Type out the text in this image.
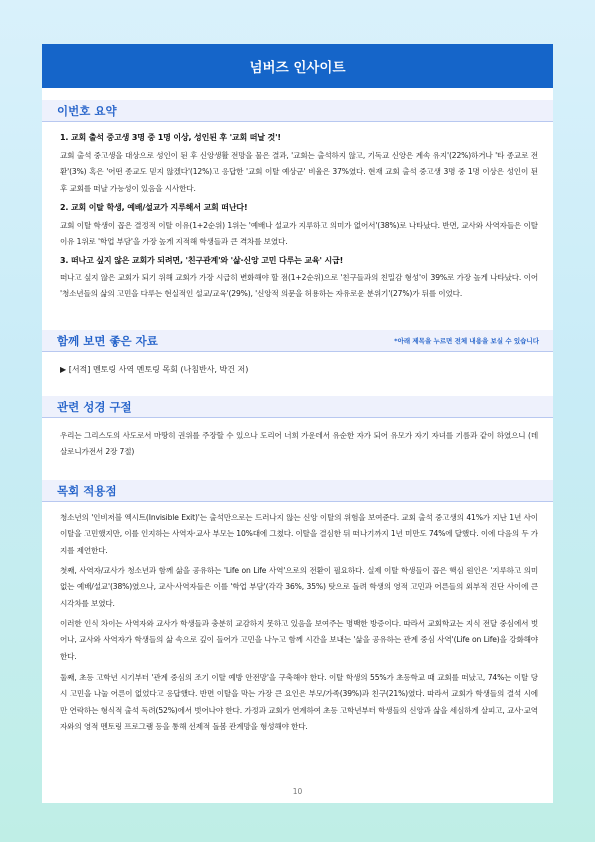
넘버즈 인사이트
이번호 요약
1. 교회 출석 중고생 3명 중 1명 이상, 성인된 후 '교회 떠날 것'!
교회 출석 중고생을 대상으로 성인이 된 후 신앙생활 전망을 물은 결과, '교회는 출석하지 않고, 기독교 신앙은 계속 유지'(22%)하거나 '타 종교로 전환'(3%) 혹은 '어떤 종교도 믿지 않겠다'(12%)고 응답한 '교회 이탈 예상군' 비율은 37%였다. 현재 교회 출석 중고생 3명 중 1명 이상은 성인이 된 후 교회를 떠날 가능성이 있음을 시사한다.
2. 교회 이탈 학생, 예배/설교가 지루해서 교회 떠난다!
교회 이탈 학생이 꼽은 결정적 이탈 이유(1+2순위) 1위는 '예배나 설교가 지루하고 의미가 없어서'(38%)로 나타났다. 반면, 교사와 사역자들은 이탈 이유 1위로 '학업 부담'을 가장 높게 지적해 학생들과 큰 격차를 보였다.
3. 떠나고 싶지 않은 교회가 되려면, '친구관계'와 '삶·신앙 고민 다루는 교육' 시급!
떠나고 싶지 않은 교회가 되기 위해 교회가 가장 시급히 변화해야 할 점(1+2순위)으로 '친구들과의 친밀감 형성'이 39%로 가장 높게 나타났다. 이어 '청소년들의 삶의 고민을 다루는 현실적인 설교/교육'(29%), '신앙적 의문을 허용하는 자유로운 분위기'(27%)가 뒤를 이었다.
함께 보면 좋은 자료	*아래 제목을 누르면 전체 내용을 보실 수 있습니다
▶ [서적] 멘토링 사역 멘토링 목회 (나침반사, 박건 저)
관련 성경 구절
우리는 그리스도의 사도로서 마땅히 권위를 주장할 수 있으나 도리어 너희 가운데서 유순한 자가 되어 유모가 자기 자녀를 기름과 같이 하였으니 (데살로니가전서 2장 7절)
목회 적용점
청소년의 '인비저블 엑시트(Invisible Exit)'는 출석만으로는 드러나지 않는 신앙 이탈의 위험을 보여준다. 교회 출석 중고생의 41%가 지난 1년 사이 이탈을 고민했지만, 이를 인지하는 사역자·교사 부모는 10%대에 그쳤다. 이탈을 결심한 뒤 떠나기까지 1년 미만도 74%에 달했다. 이에 다음의 두 가지를 제언한다.
첫째, 사역자/교사가 청소년과 함께 삶을 공유하는 'Life on Life 사역'으로의 전환이 필요하다. 실제 이탈 학생들이 꼽은 핵심 원인은 '지루하고 의미 없는 예배/설교'(38%)였으나, 교사·사역자들은 이를 '학업 부담'(각각 36%, 35%) 탓으로 돌려 학생의 영적 고민과 어른들의 외부적 진단 사이에 큰 시각차를 보였다.
이러한 인식 차이는 사역자와 교사가 학생들과 충분히 교감하지 못하고 있음을 보여주는 명백한 방증이다. 따라서 교회학교는 지식 전달 중심에서 벗어나, 교사와 사역자가 학생들의 삶 속으로 깊이 들어가 고민을 나누고 함께 시간을 보내는 '삶을 공유하는 관계 중심 사역'(Life on Life)을 강화해야 한다.
둘째, 초등 고학년 시기부터 '관계 중심의 조기 이탈 예방 안전망'을 구축해야 한다. 이탈 학생의 55%가 초등학교 때 교회를 떠났고, 74%는 이탈 당시 고민을 나눌 어른이 없었다고 응답했다. 반면 이탈을 막는 가장 큰 요인은 부모/가족(39%)과 친구(21%)였다. 따라서 교회가 학생들의 결석 시에만 연락하는 형식적 출석 독려(52%)에서 벗어나야 한다. 가정과 교회가 연계하여 초등 고학년부터 학생들의 신앙과 삶을 세심하게 살피고, 교사·교역자와의 영적 멘토링 프로그램 등을 통해 선제적 돌봄 관계망을 형성해야 한다.
10
